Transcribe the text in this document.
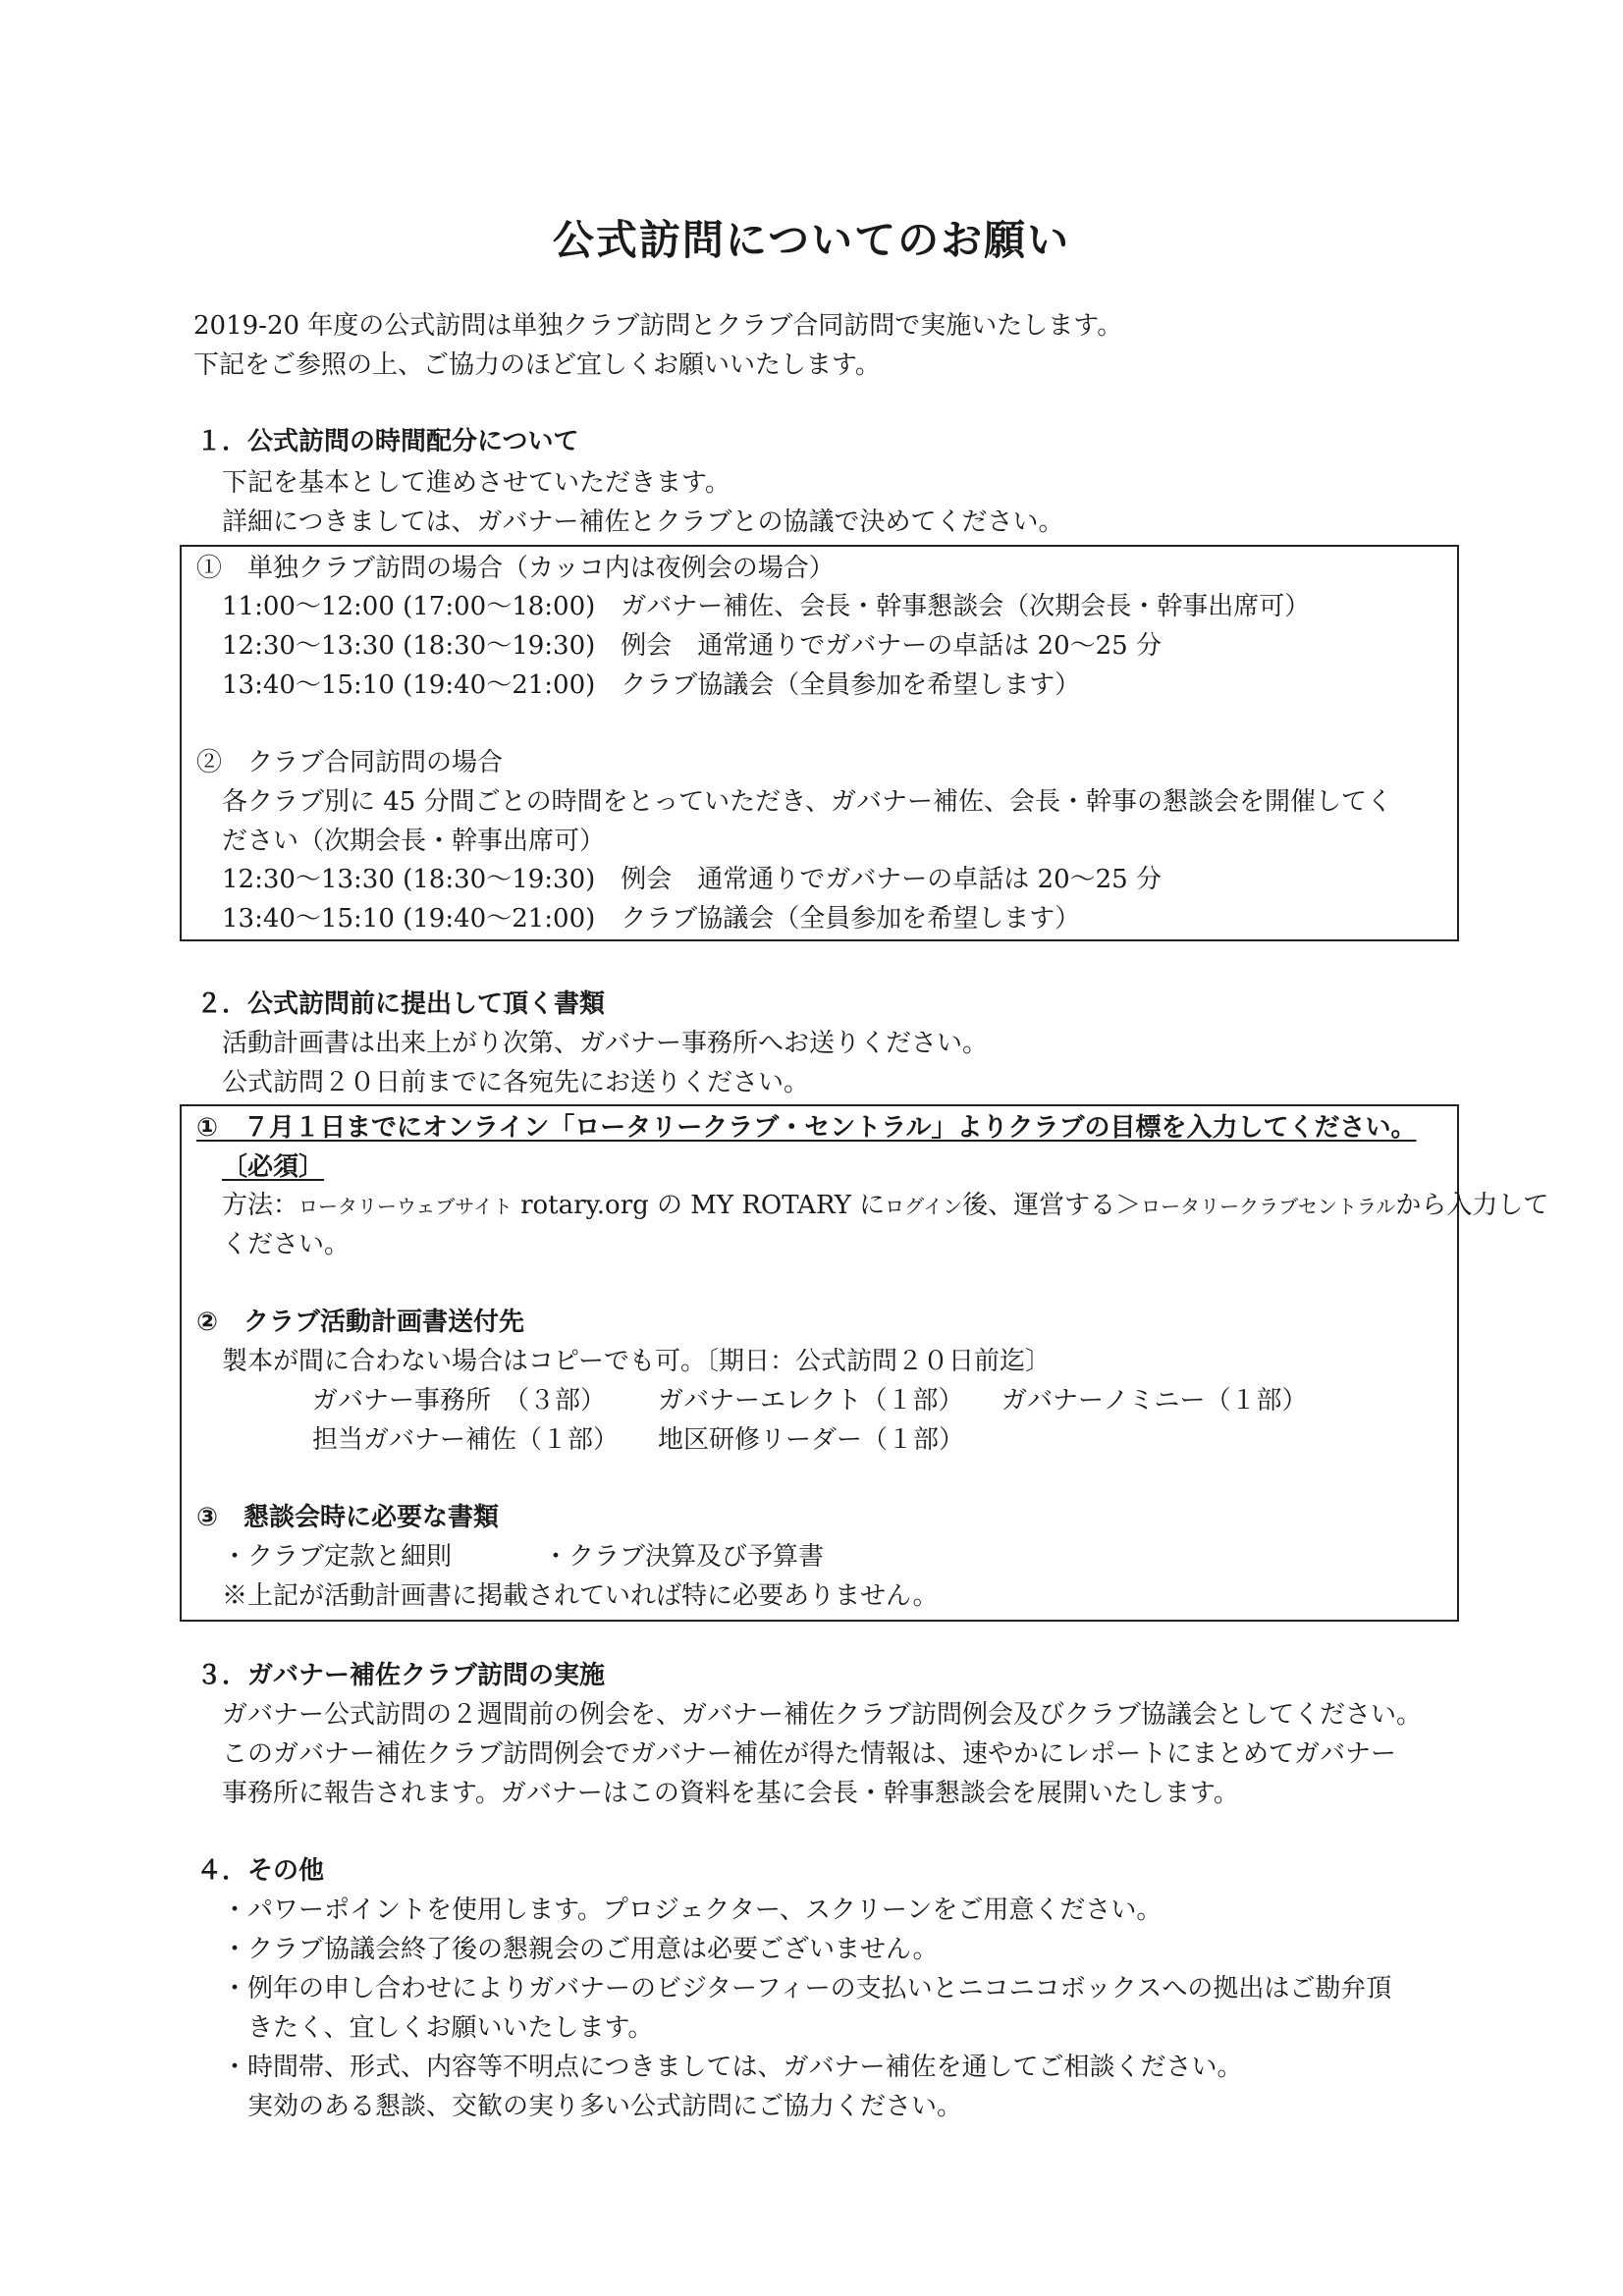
公式訪問についてのお願い
2019-20 年度の公式訪問は単独クラブ訪問とクラブ合同訪問で実施いたします。
下記をご参照の上、ご協力のほど宜しくお願いいたします。
１．公式訪問の時間配分について
下記を基本として進めさせていただきます。
詳細につきましては、ガバナー補佐とクラブとの協議で決めてください。
①　単独クラブ訪問の場合（カッコ内は夜例会の場合）
11:00～12:00 (17:00～18:00)　ガバナー補佐、会長・幹事懇談会（次期会長・幹事出席可）
12:30～13:30 (18:30～19:30)　例会　通常通りでガバナーの卓話は 20～25 分
13:40～15:10 (19:40～21:00)　クラブ協議会（全員参加を希望します）
②　クラブ合同訪問の場合
各クラブ別に 45 分間ごとの時間をとっていただき、ガバナー補佐、会長・幹事の懇談会を開催してく
ださい（次期会長・幹事出席可）
12:30～13:30 (18:30～19:30)　例会　通常通りでガバナーの卓話は 20～25 分
13:40～15:10 (19:40～21:00)　クラブ協議会（全員参加を希望します）
２．公式訪問前に提出して頂く書類
活動計画書は出来上がり次第、ガバナー事務所へお送りください。
公式訪問２０日前までに各宛先にお送りください。
①　７月１日までにオンライン「ロータリークラブ・セントラル」よりクラブの目標を入力してください。
〔必須〕
方法：ロータリーウェブサイト rotary.org の MY ROTARY にログイン後、運営する＞ロータリークラブセントラルから入力して
ください。
②　クラブ活動計画書送付先
製本が間に合わない場合はコピーでも可。〔期日：公式訪問２０日前迄〕
ガバナー事務所　（３部） ガバナーエレクト（１部） ガバナーノミニー（１部）
担当ガバナー補佐（１部） 地区研修リーダー（１部）
③　懇談会時に必要な書類
・クラブ定款と細則	・クラブ決算及び予算書
※上記が活動計画書に掲載されていれば特に必要ありません。
３．ガバナー補佐クラブ訪問の実施
ガバナー公式訪問の２週間前の例会を、ガバナー補佐クラブ訪問例会及びクラブ協議会としてください。
このガバナー補佐クラブ訪問例会でガバナー補佐が得た情報は、速やかにレポートにまとめてガバナー
事務所に報告されます。ガバナーはこの資料を基に会長・幹事懇談会を展開いたします。
４．その他
・パワーポイントを使用します。プロジェクター、スクリーンをご用意ください。
・クラブ協議会終了後の懇親会のご用意は必要ございません。
・例年の申し合わせによりガバナーのビジターフィーの支払いとニコニコボックスへの拠出はご勘弁頂
　きたく、宜しくお願いいたします。
・時間帯、形式、内容等不明点につきましては、ガバナー補佐を通してご相談ください。
　実効のある懇談、交歓の実り多い公式訪問にご協力ください。
